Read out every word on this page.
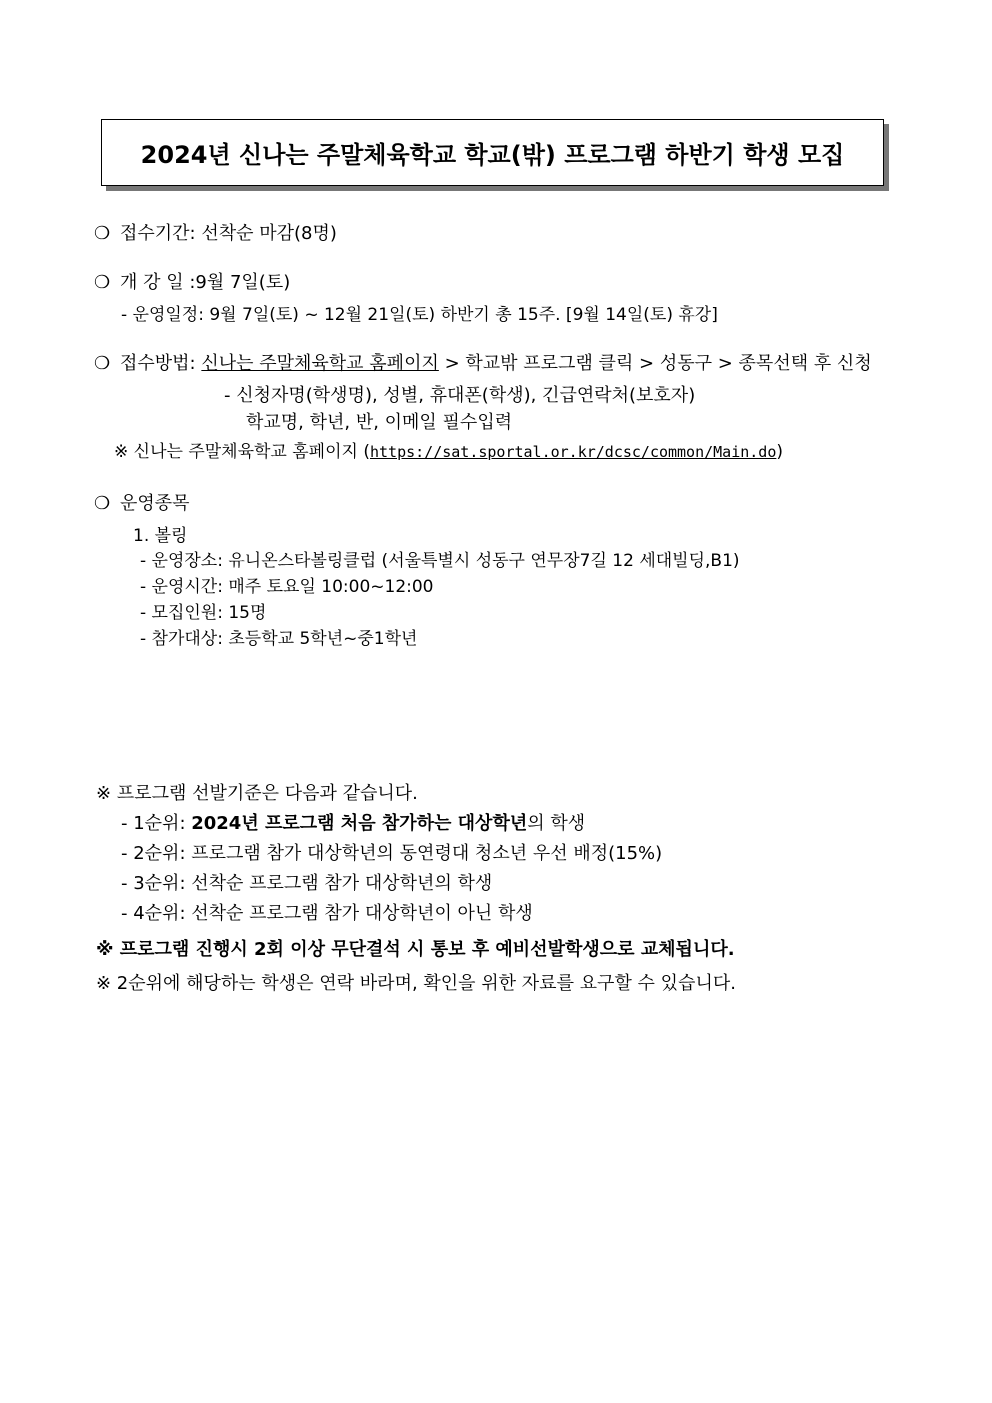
2024년 신나는 주말체육학교 학교(밖) 프로그램 하반기 학생 모집
❍ 접수기간: 선착순 마감(8명)
❍ 개 강 일 :9월 7일(토)
- 운영일정: 9월 7일(토) ~ 12월 21일(토) 하반기 총 15주. [9월 14일(토) 휴강]
❍ 접수방법: 신나는 주말체육학교 홈페이지 > 학교밖 프로그램 클릭 > 성동구 > 종목선택 후 신청
- 신청자명(학생명), 성별, 휴대폰(학생), 긴급연락처(보호자)
학교명, 학년, 반, 이메일 필수입력
※ 신나는 주말체육학교 홈페이지 (https://sat.sportal.or.kr/dcsc/common/Main.do)
❍ 운영종목
1. 볼링
- 운영장소: 유니온스타볼링클럽 (서울특별시 성동구 연무장7길 12 세대빌딩,B1)
- 운영시간: 매주 토요일 10:00~12:00
- 모집인원: 15명
- 참가대상: 초등학교 5학년~중1학년
※ 프로그램 선발기준은 다음과 같습니다.
- 1순위: 2024년 프로그램 처음 참가하는 대상학년의 학생
- 2순위: 프로그램 참가 대상학년의 동연령대 청소년 우선 배정(15%)
- 3순위: 선착순 프로그램 참가 대상학년의 학생
- 4순위: 선착순 프로그램 참가 대상학년이 아닌 학생
※ 프로그램 진행시 2회 이상 무단결석 시 통보 후 예비선발학생으로 교체됩니다.
※ 2순위에 해당하는 학생은 연락 바라며, 확인을 위한 자료를 요구할 수 있습니다.
